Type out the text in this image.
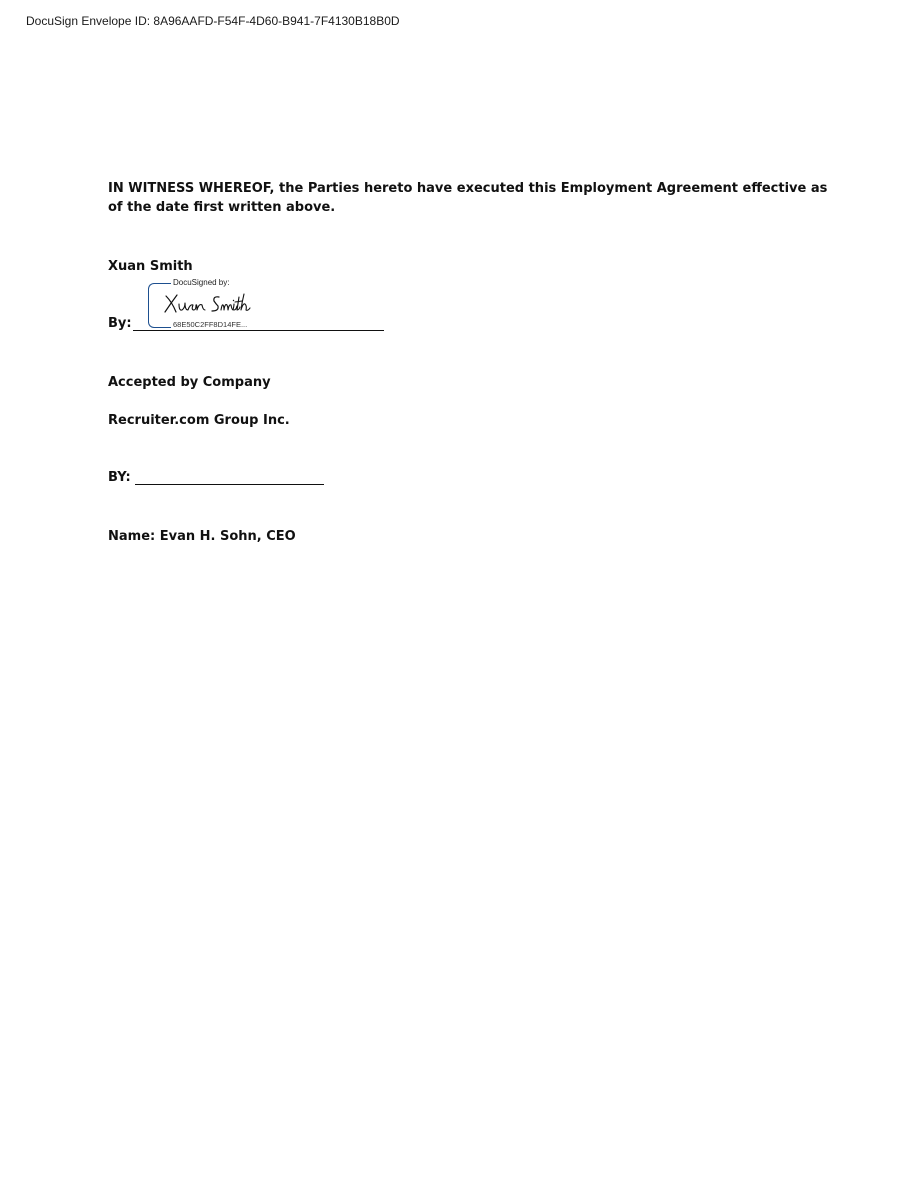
DocuSign Envelope ID: 8A96AAFD-F54F-4D60-B941-7F4130B18B0D
IN WITNESS WHEREOF, the Parties hereto have executed this Employment Agreement effective as of the date first written above.
Xuan Smith
By:
DocuSigned by:
68E50C2FF8D14FE...
Accepted by Company
Recruiter.com Group Inc.
BY:
Name: Evan H. Sohn, CEO
